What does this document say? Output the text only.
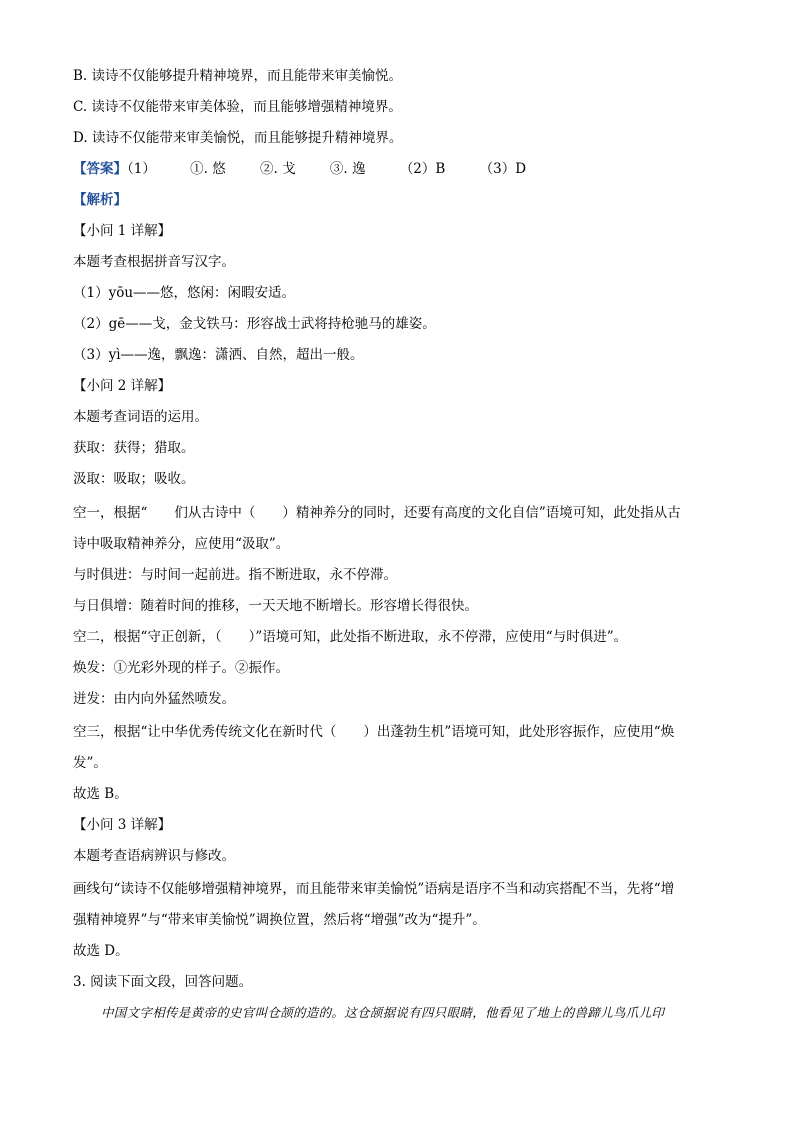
B. 读诗不仅能够提升精神境界，而且能带来审美愉悦。
C. 读诗不仅能带来审美体验，而且能够增强精神境界。
D. 读诗不仅能带来审美愉悦，而且能够提升精神境界。
【答案】（1）	①. 悠	②. 戈	③. 逸	（2）B	（3）D
【解析】
【小问 1 详解】
本题考查根据拼音写汉字。
（1）yōu——悠，悠闲：闲暇安适。
（2）gē——戈，金戈铁马：形容战士武将持枪驰马的雄姿。
（3）yì——逸，飘逸：潇洒、自然，超出一般。
【小问 2 详解】
本题考查词语的运用。
获取：获得；猎取。
汲取：吸取；吸收。
空一，根据“　　们从古诗中（　　）精神养分的同时，还要有高度的文化自信”语境可知，此处指从古
诗中吸取精神养分，应使用“汲取”。
与时俱进：与时间一起前进。指不断进取，永不停滞。
与日俱增：随着时间的推移，一天天地不断增长。形容增长得很快。
空二，根据“守正创新，（　　）”语境可知，此处指不断进取，永不停滞，应使用“与时俱进”。
焕发：①光彩外现的样子。②振作。
迸发：由内向外猛然喷发。
空三，根据“让中华优秀传统文化在新时代（　　）出蓬勃生机”语境可知，此处形容振作，应使用“焕
发”。
故选 B。
【小问 3 详解】
本题考查语病辨识与修改。
画线句“读诗不仅能够增强精神境界，而且能带来审美愉悦”语病是语序不当和动宾搭配不当，先将“增
强精神境界”与“带来审美愉悦”调换位置，然后将“增强”改为“提升”。
故选 D。
3. 阅读下面文段，回答问题。
中国文字相传是黄帝的史官叫仓颉的造的。这仓颉据说有四只眼睛，他看见了地上的兽蹄儿鸟爪儿印
